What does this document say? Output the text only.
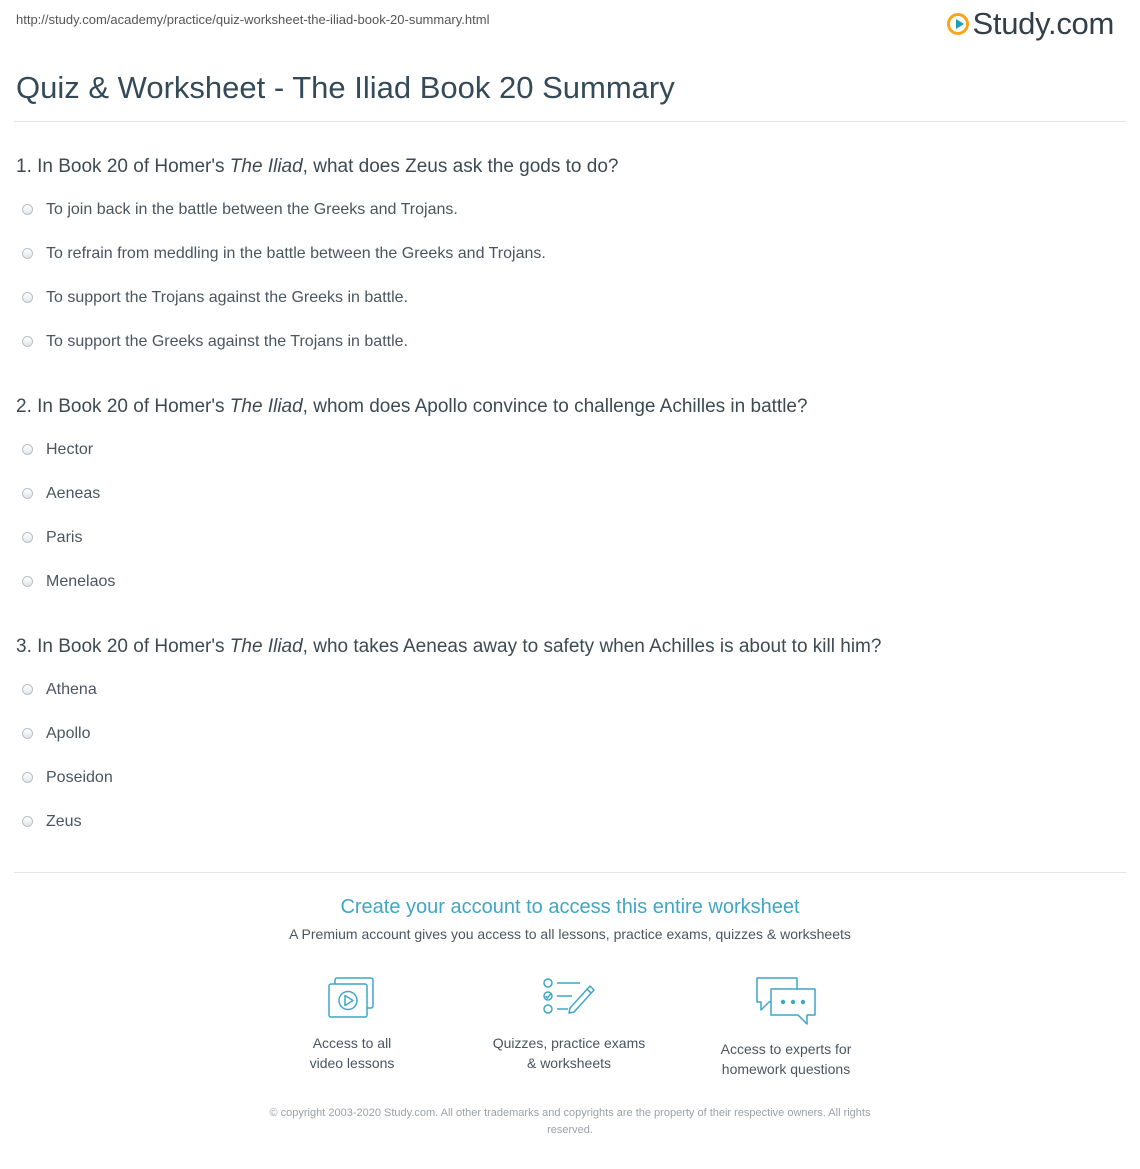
http://study.com/academy/practice/quiz-worksheet-the-iliad-book-20-summary.html	Study.com
Quiz & Worksheet - The Iliad Book 20 Summary
1. In Book 20 of Homer's The Iliad, what does Zeus ask the gods to do?
To join back in the battle between the Greeks and Trojans.
To refrain from meddling in the battle between the Greeks and Trojans.
To support the Trojans against the Greeks in battle.
To support the Greeks against the Trojans in battle.
2. In Book 20 of Homer's The Iliad, whom does Apollo convince to challenge Achilles in battle?
Hector
Aeneas
Paris
Menelaos
3. In Book 20 of Homer's The Iliad, who takes Aeneas away to safety when Achilles is about to kill him?
Athena
Apollo
Poseidon
Zeus
Create your account to access this entire worksheet
A Premium account gives you access to all lessons, practice exams, quizzes & worksheets
Access to all
video lessons
Quizzes, practice exams
& worksheets
Access to experts for
homework questions
© copyright 2003-2020 Study.com. All other trademarks and copyrights are the property of their respective owners. All rights
reserved.
